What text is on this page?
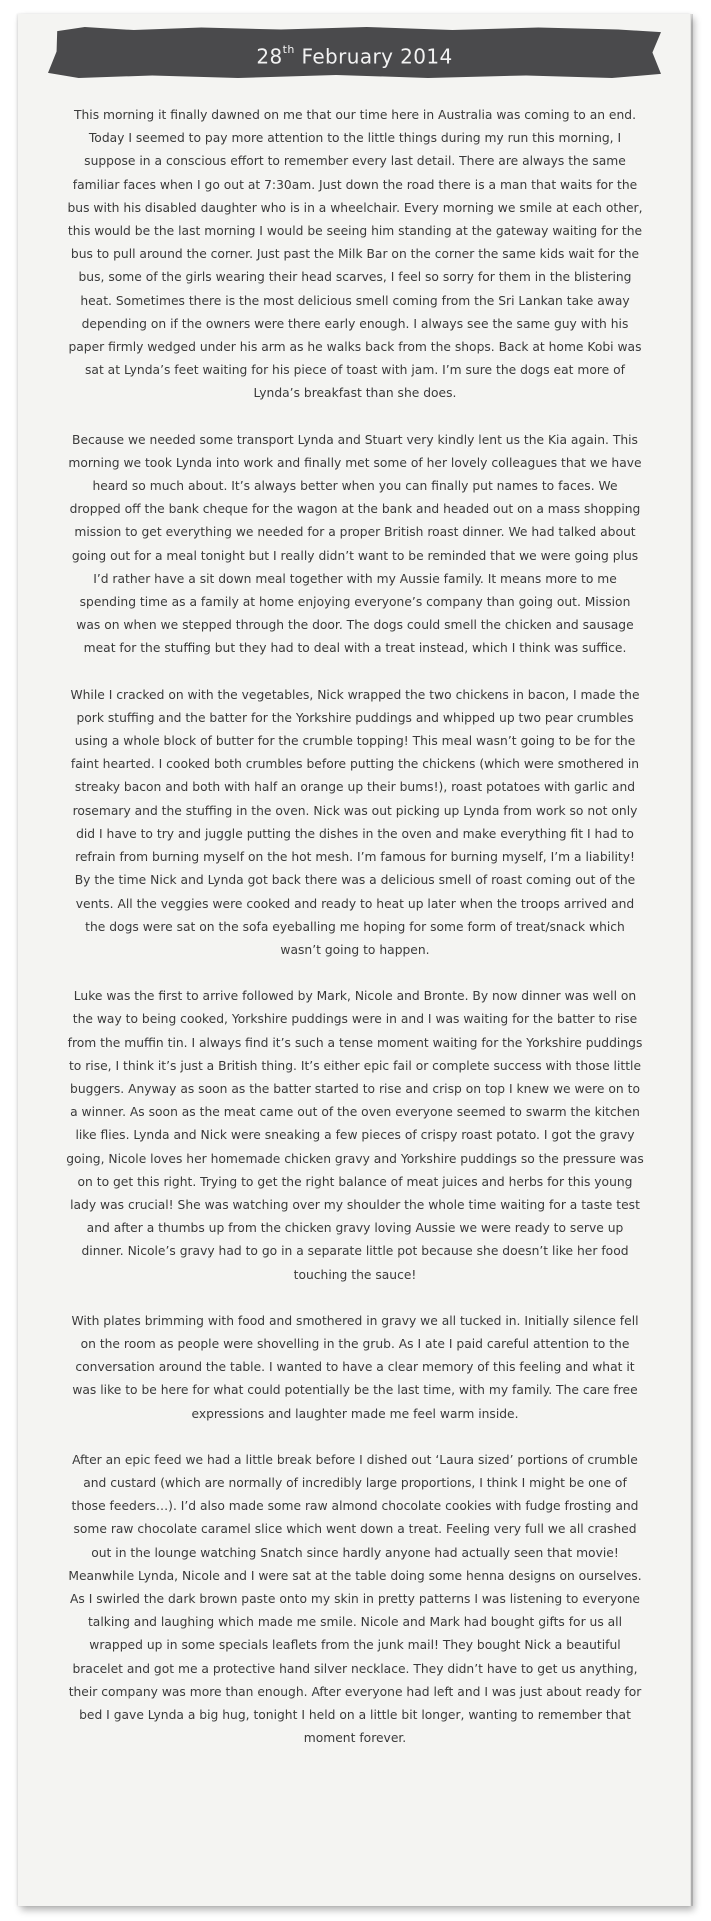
28th February 2014

This morning it finally dawned on me that our time here in Australia was coming to an end. Today I seemed to pay more attention to the little things during my run this morning, I suppose in a conscious effort to remember every last detail. There are always the same familiar faces when I go out at 7:30am. Just down the road there is a man that waits for the bus with his disabled daughter who is in a wheelchair. Every morning we smile at each other, this would be the last morning I would be seeing him standing at the gateway waiting for the bus to pull around the corner. Just past the Milk Bar on the corner the same kids wait for the bus, some of the girls wearing their head scarves, I feel so sorry for them in the blistering heat. Sometimes there is the most delicious smell coming from the Sri Lankan take away depending on if the owners were there early enough. I always see the same guy with his paper firmly wedged under his arm as he walks back from the shops. Back at home Kobi was sat at Lynda’s feet waiting for his piece of toast with jam. I’m sure the dogs eat more of Lynda’s breakfast than she does.

Because we needed some transport Lynda and Stuart very kindly lent us the Kia again. This morning we took Lynda into work and finally met some of her lovely colleagues that we have heard so much about. It’s always better when you can finally put names to faces. We dropped off the bank cheque for the wagon at the bank and headed out on a mass shopping mission to get everything we needed for a proper British roast dinner. We had talked about going out for a meal tonight but I really didn’t want to be reminded that we were going plus I’d rather have a sit down meal together with my Aussie family. It means more to me spending time as a family at home enjoying everyone’s company than going out. Mission was on when we stepped through the door. The dogs could smell the chicken and sausage meat for the stuffing but they had to deal with a treat instead, which I think was suffice.

While I cracked on with the vegetables, Nick wrapped the two chickens in bacon, I made the pork stuffing and the batter for the Yorkshire puddings and whipped up two pear crumbles using a whole block of butter for the crumble topping! This meal wasn’t going to be for the faint hearted. I cooked both crumbles before putting the chickens (which were smothered in streaky bacon and both with half an orange up their bums!), roast potatoes with garlic and rosemary and the stuffing in the oven. Nick was out picking up Lynda from work so not only did I have to try and juggle putting the dishes in the oven and make everything fit I had to refrain from burning myself on the hot mesh. I’m famous for burning myself, I’m a liability! By the time Nick and Lynda got back there was a delicious smell of roast coming out of the vents. All the veggies were cooked and ready to heat up later when the troops arrived and the dogs were sat on the sofa eyeballing me hoping for some form of treat/snack which wasn’t going to happen.

Luke was the first to arrive followed by Mark, Nicole and Bronte. By now dinner was well on the way to being cooked, Yorkshire puddings were in and I was waiting for the batter to rise from the muffin tin. I always find it’s such a tense moment waiting for the Yorkshire puddings to rise, I think it’s just a British thing. It’s either epic fail or complete success with those little buggers. Anyway as soon as the batter started to rise and crisp on top I knew we were on to a winner. As soon as the meat came out of the oven everyone seemed to swarm the kitchen like flies. Lynda and Nick were sneaking a few pieces of crispy roast potato. I got the gravy going, Nicole loves her homemade chicken gravy and Yorkshire puddings so the pressure was on to get this right. Trying to get the right balance of meat juices and herbs for this young lady was crucial! She was watching over my shoulder the whole time waiting for a taste test and after a thumbs up from the chicken gravy loving Aussie we were ready to serve up dinner. Nicole’s gravy had to go in a separate little pot because she doesn’t like her food touching the sauce!

With plates brimming with food and smothered in gravy we all tucked in. Initially silence fell on the room as people were shovelling in the grub. As I ate I paid careful attention to the conversation around the table. I wanted to have a clear memory of this feeling and what it was like to be here for what could potentially be the last time, with my family. The care free expressions and laughter made me feel warm inside.

After an epic feed we had a little break before I dished out ‘Laura sized’ portions of crumble and custard (which are normally of incredibly large proportions, I think I might be one of those feeders…). I’d also made some raw almond chocolate cookies with fudge frosting and some raw chocolate caramel slice which went down a treat. Feeling very full we all crashed out in the lounge watching Snatch since hardly anyone had actually seen that movie! Meanwhile Lynda, Nicole and I were sat at the table doing some henna designs on ourselves. As I swirled the dark brown paste onto my skin in pretty patterns I was listening to everyone talking and laughing which made me smile. Nicole and Mark had bought gifts for us all wrapped up in some specials leaflets from the junk mail! They bought Nick a beautiful bracelet and got me a protective hand silver necklace. They didn’t have to get us anything, their company was more than enough. After everyone had left and I was just about ready for bed I gave Lynda a big hug, tonight I held on a little bit longer, wanting to remember that moment forever.
